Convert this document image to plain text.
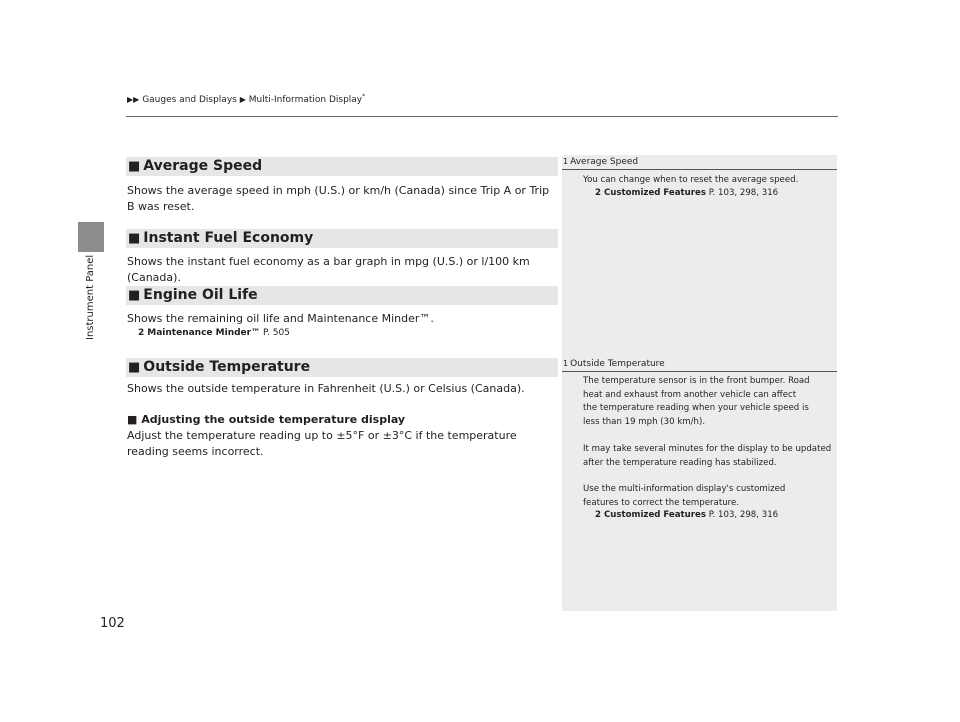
▶▶ Gauges and Displays ▶ Multi-Information Display*
Instrument Panel
■ Average Speed
Shows the average speed in mph (U.S.) or km/h (Canada) since Trip A or Trip B was reset.
■ Instant Fuel Economy
Shows the instant fuel economy as a bar graph in mpg (U.S.) or l/100 km (Canada).
■ Engine Oil Life
Shows the remaining oil life and Maintenance Minder™.
2 Maintenance Minder™ P. 505
■ Outside Temperature
Shows the outside temperature in Fahrenheit (U.S.) or Celsius (Canada).
■ Adjusting the outside temperature display
Adjust the temperature reading up to ±5°F or ±3°C if the temperature reading seems incorrect.
1 Average Speed
You can change when to reset the average speed.
2 Customized Features P. 103, 298, 316
1 Outside Temperature
The temperature sensor is in the front bumper. Road heat and exhaust from another vehicle can affect the temperature reading when your vehicle speed is less than 19 mph (30 km/h).
It may take several minutes for the display to be updated after the temperature reading has stabilized.
Use the multi-information display's customized features to correct the temperature.
2 Customized Features P. 103, 298, 316
102
